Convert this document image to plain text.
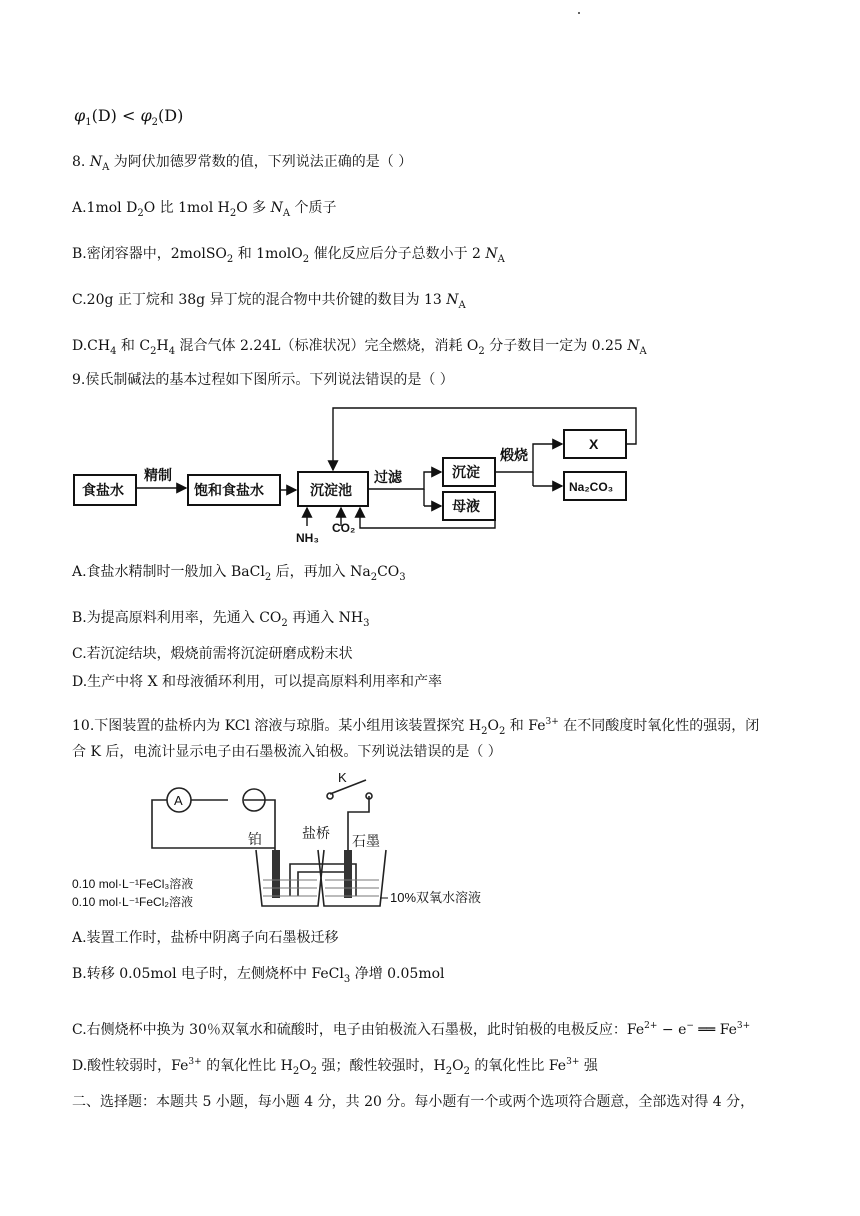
$\varphi_1(D) < \varphi_2(D)$
8. $N_A$ 为阿伏加德罗常数的值，下列说法正确的是（ ）
A.1mol $D_2O$ 比 1mol $H_2O$ 多 $N_A$ 个质子
B.密闭容器中，2molSO$_2$ 和 1molO$_2$ 催化反应后分子总数小于 2 $N_A$
C.20g 正丁烷和 38g 异丁烷的混合物中共价键的数目为 13 $N_A$
$D.CH_4$ 和 $C_2H_4$ 混合气体 2.24L（标准状况）完全燃烧，消耗 $O_2$ 分子数目一定为 0.25 $N_A$
9.侯氏制碱法的基本过程如下图所示。下列说法错误的是（ ）
食盐水
精制
饱和食盐水	沉淀池
过滤	沉淀
母液
煅烧
X
Na₂CO₃
NH₃
CO₂
A.食盐水精制时一般加入 BaCl$_2$ 后，再加入 $Na_2CO_3$
B.为提高原料利用率，先通入 $CO_2$ 再通入 $NH_3$
C.若沉淀结块，煅烧前需将沉淀研磨成粉末状
D.生产中将 X 和母液循环利用，可以提高原料利用率和产率
10.下图装置的盐桥内为 KCl 溶液与琼脂。某小组用该装置探究 $H_2O_2$ 和 $Fe^{3+}$ 在不同酸度时氧化性的强弱，闭
合 K 后，电流计显示电子由石墨极流入铂极。下列说法错误的是（ ）
A
K
铂	盐桥 石墨
0.10 mol·L⁻¹FeCl₃溶液
0.10 mol·L⁻¹FeCl₂溶液	10%双氧水溶液
A.装置工作时，盐桥中阴离子向石墨极迁移
B.转移 0.05mol 电子时，左侧烧杯中 FeCl$_3$ 净增 0.05mol
C.右侧烧杯中换为 30％双氧水和硫酸时，电子由铂极流入石墨极，此时铂极的电极反应：$Fe^{2+} - e^-$ ══ $Fe^{3+}$
D.酸性较弱时，$Fe^{3+}$ 的氧化性比 $H_2O_2$ 强；酸性较强时，$H_2O_2$ 的氧化性比 $Fe^{3+}$ 强
二、选择题：本题共 5 小题，每小题 4 分，共 20 分。每小题有一个或两个选项符合题意，全部选对得 4 分，
